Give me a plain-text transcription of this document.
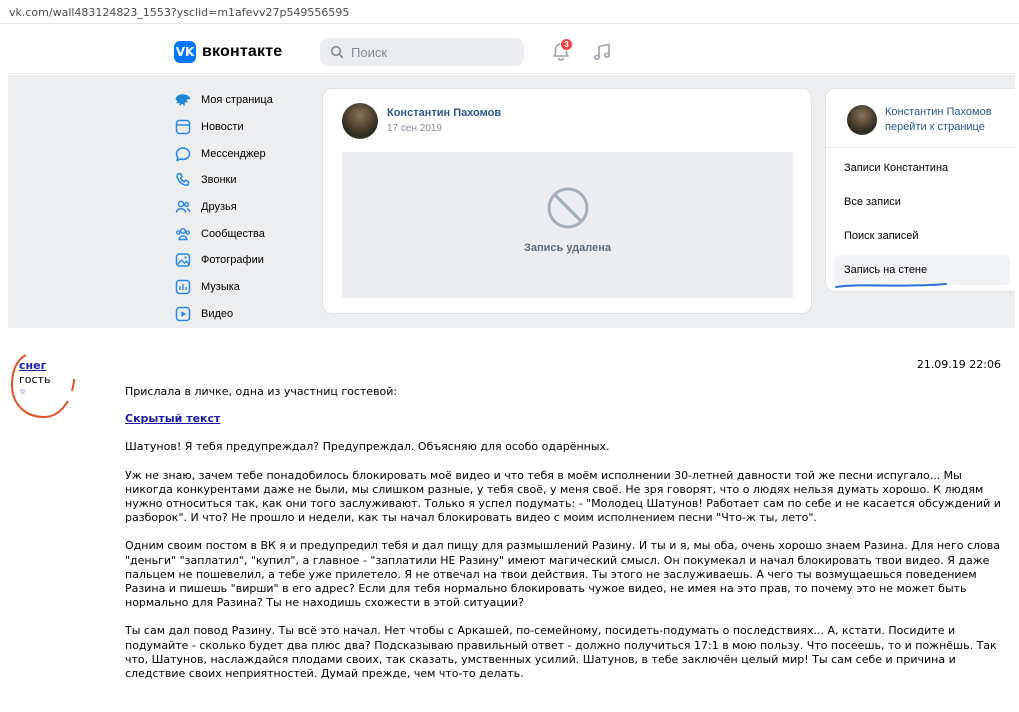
vk.com/wall483124823_1553?ysclid=m1afevv27p549556595
VK вконтакте
Поиск	3
Моя страница
Новости
Мессенджер
Звонки
Друзья
Сообщества
Фотографии
Музыка
Видео
Константин Пахомов
17 сен 2019
Запись удалена
Константин Пахомов
перейти к странице
Записи Константина
Все записи
Поиск записей
Запись на стене
снег
гость
☆
21.09.19 22:06

Прислала в личке, одна из участниц гостевой:

Скрытый текст

Шатунов! Я тебя предупреждал? Предупреждал. Объясняю для особо одарённых.

Уж не знаю, зачем тебе понадобилось блокировать моё видео и что тебя в моём исполнении 30-летней давности той же песни испугало... Мы никогда конкурентами даже не были, мы слишком разные, у тебя своё, у меня своё. Не зря говорят, что о людях нельзя думать хорошо. К людям нужно относиться так, как они того заслуживают. Только я успел подумать: - "Молодец Шатунов! Работает сам по себе и не касается обсуждений и разборок". И что? Не прошло и недели, как ты начал блокировать видео с моим исполнением песни "Что-ж ты, лето".

Одним своим постом в ВК я и предупредил тебя и дал пищу для размышлений Разину. И ты и я, мы оба, очень хорошо знаем Разина. Для него слова "деньги" "заплатил", "купил", а главное - "заплатили НЕ Разину" имеют магический смысл. Он покумекал и начал блокировать твои видео. Я даже пальцем не пошевелил, а тебе уже прилетело. Я не отвечал на твои действия. Ты этого не заслуживаешь. А чего ты возмущаешься поведением Разина и пишешь "вирши" в его адрес? Если для тебя нормально блокировать чужое видео, не имея на это прав, то почему это не может быть нормально для Разина? Ты не находишь схожести в этой ситуации?

Ты сам дал повод Разину. Ты всё это начал. Нет чтобы с Аркашей, по-семейному, посидеть-подумать о последствиях... А, кстати. Посидите и подумайте - сколько будет два плюс два? Подсказываю правильный ответ - должно получиться 17:1 в мою пользу. Что посеешь, то и пожнёшь. Так что, Шатунов, наслаждайся плодами своих, так сказать, умственных усилий. Шатунов, в тебе заключён целый мир! Ты сам себе и причина и следствие своих неприятностей. Думай прежде, чем что-то делать.
